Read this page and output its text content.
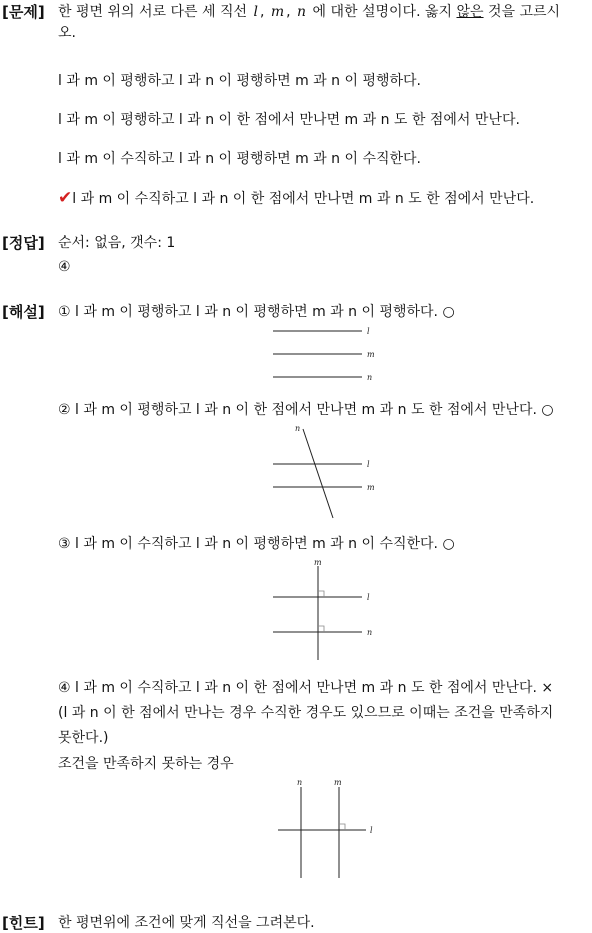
[문제] 한 평면 위의 서로 다른 세 직선 l , m , n 에 대한 설명이다. 옳지 않은 것을 고르시
오.
l 과 m 이 평행하고 l 과 n 이 평행하면 m 과 n 이 평행하다.
l 과 m 이 평행하고 l 과 n 이 한 점에서 만나면 m 과 n 도 한 점에서 만난다.
l 과 m 이 수직하고 l 과 n 이 평행하면 m 과 n 이 수직한다.
✔l 과 m 이 수직하고 l 과 n 이 한 점에서 만나면 m 과 n 도 한 점에서 만난다.
[정답] 순서: 없음, 갯수: 1
④
[해설] ① l 과 m 이 평행하고 l 과 n 이 평행하면 m 과 n 이 평행하다. ○
l
m
n
② l 과 m 이 평행하고 l 과 n 이 한 점에서 만나면 m 과 n 도 한 점에서 만난다. ○
n
l
m
③ l 과 m 이 수직하고 l 과 n 이 평행하면 m 과 n 이 수직한다. ○
m
l
n
④ l 과 m 이 수직하고 l 과 n 이 한 점에서 만나면 m 과 n 도 한 점에서 만난다. ×
(l 과 n 이 한 점에서 만나는 경우 수직한 경우도 있으므로 이때는 조건을 만족하지
못한다.)
조건을 만족하지 못하는 경우
n	m
l
[힌트] 한 평면위에 조건에 맞게 직선을 그려본다.
